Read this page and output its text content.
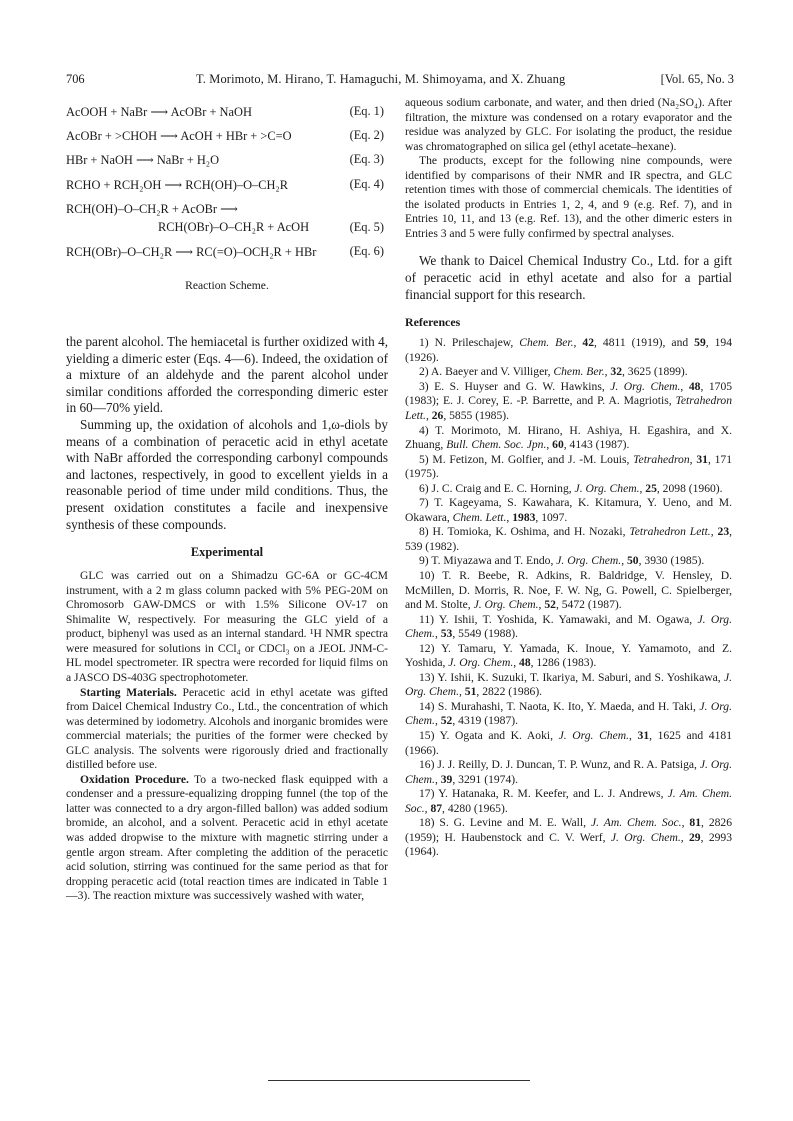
706	T. Morimoto, M. Hirano, T. Hamaguchi, M. Shimoyama, and X. Zhuang	[Vol. 65, No. 3
AcOOH + NaBr ⟶ AcOBr + NaOH	(Eq. 1)
AcOBr + >CHOH ⟶ AcOH + HBr + >C=O	(Eq. 2)
HBr + NaOH ⟶ NaBr + H₂O	(Eq. 3)
RCHO + RCH₂OH ⟶ RCH(OH)–O–CH₂R	(Eq. 4)
RCH(OH)–O–CH₂R + AcOBr ⟶
RCH(OBr)–O–CH₂R + AcOH	(Eq. 5)
RCH(OBr)–O–CH₂R ⟶ RC(=O)–OCH₂R + HBr	(Eq. 6)
Reaction Scheme.

the parent alcohol. The hemiacetal is further oxidized with 4, yielding a dimeric ester (Eqs. 4—6). Indeed, the oxidation of a mixture of an aldehyde and the parent alcohol under similar conditions afforded the corresponding dimeric ester in 60—70% yield.

Summing up, the oxidation of alcohols and 1,ω-diols by means of a combination of peracetic acid in ethyl acetate with NaBr afforded the corresponding carbonyl compounds and lactones, respectively, in good to excellent yields in a reasonable period of time under mild conditions. Thus, the present oxidation constitutes a facile and inexpensive synthesis of these compounds.

Experimental

GLC was carried out on a Shimadzu GC-6A or GC-4CM instrument, with a 2 m glass column packed with 5% PEG-20M on Chromosorb GAW-DMCS or with 1.5% Silicone OV-17 on Shimalite W, respectively. For measuring the GLC yield of a product, biphenyl was used as an internal standard. ¹H NMR spectra were measured for solutions in CCl₄ or CDCl₃ on a JEOL JNM-C-HL model spectrometer. IR spectra were recorded for liquid films on a JASCO DS-403G spectrophotometer.

Starting Materials. Peracetic acid in ethyl acetate was gifted from Daicel Chemical Industry Co., Ltd., the concentration of which was determined by iodometry. Alcohols and inorganic bromides were commercial materials; the purities of the former were checked by GLC analysis. The solvents were rigorously dried and fractionally distilled before use.

Oxidation Procedure. To a two-necked flask equipped with a condenser and a pressure-equalizing dropping funnel (the top of the latter was connected to a dry argon-filled ballon) was added sodium bromide, an alcohol, and a solvent. Peracetic acid in ethyl acetate was added dropwise to the mixture with magnetic stirring under a gentle argon stream. After completing the addition of the peracetic acid solution, stirring was continued for the same period as that for dropping peracetic acid (total reaction times are indicated in Table 1—3). The reaction mixture was successively washed with water,

aqueous sodium carbonate, and water, and then dried (Na₂SO₄). After filtration, the mixture was condensed on a rotary evaporator and the residue was analyzed by GLC. For isolating the product, the residue was chromatographed on silica gel (ethyl acetate–hexane).

The products, except for the following nine compounds, were identified by comparisons of their NMR and IR spectra, and GLC retention times with those of commercial chemicals. The identities of the isolated products in Entries 1, 2, 4, and 9 (e.g. Ref. 7), and in Entries 10, 11, and 13 (e.g. Ref. 13), and the other dimeric esters in Entries 3 and 5 were fully confirmed by spectral analyses.

We thank to Daicel Chemical Industry Co., Ltd. for a gift of peracetic acid in ethyl acetate and also for a partial financial support for this research.

References

1) N. Prileschajew, Chem. Ber., 42, 4811 (1919), and 59, 194 (1926).

2) A. Baeyer and V. Villiger, Chem. Ber., 32, 3625 (1899).

3) E. S. Huyser and G. W. Hawkins, J. Org. Chem., 48, 1705 (1983); E. J. Corey, E. -P. Barrette, and P. A. Magriotis, Tetrahedron Lett., 26, 5855 (1985).

4) T. Morimoto, M. Hirano, H. Ashiya, H. Egashira, and X. Zhuang, Bull. Chem. Soc. Jpn., 60, 4143 (1987).

5) M. Fetizon, M. Golfier, and J. -M. Louis, Tetrahedron, 31, 171 (1975).

6) J. C. Craig and E. C. Horning, J. Org. Chem., 25, 2098 (1960).

7) T. Kageyama, S. Kawahara, K. Kitamura, Y. Ueno, and M. Okawara, Chem. Lett., 1983, 1097.

8) H. Tomioka, K. Oshima, and H. Nozaki, Tetrahedron Lett., 23, 539 (1982).

9) T. Miyazawa and T. Endo, J. Org. Chem., 50, 3930 (1985).

10) T. R. Beebe, R. Adkins, R. Baldridge, V. Hensley, D. McMillen, D. Morris, R. Noe, F. W. Ng, G. Powell, C. Spielberger, and M. Stolte, J. Org. Chem., 52, 5472 (1987).

11) Y. Ishii, T. Yoshida, K. Yamawaki, and M. Ogawa, J. Org. Chem., 53, 5549 (1988).

12) Y. Tamaru, Y. Yamada, K. Inoue, Y. Yamamoto, and Z. Yoshida, J. Org. Chem., 48, 1286 (1983).

13) Y. Ishii, K. Suzuki, T. Ikariya, M. Saburi, and S. Yoshikawa, J. Org. Chem., 51, 2822 (1986).

14) S. Murahashi, T. Naota, K. Ito, Y. Maeda, and H. Taki, J. Org. Chem., 52, 4319 (1987).

15) Y. Ogata and K. Aoki, J. Org. Chem., 31, 1625 and 4181 (1966).

16) J. J. Reilly, D. J. Duncan, T. P. Wunz, and R. A. Patsiga, J. Org. Chem., 39, 3291 (1974).

17) Y. Hatanaka, R. M. Keefer, and L. J. Andrews, J. Am. Chem. Soc., 87, 4280 (1965).

18) S. G. Levine and M. E. Wall, J. Am. Chem. Soc., 81, 2826 (1959); H. Haubenstock and C. V. Werf, J. Org. Chem., 29, 2993 (1964).
